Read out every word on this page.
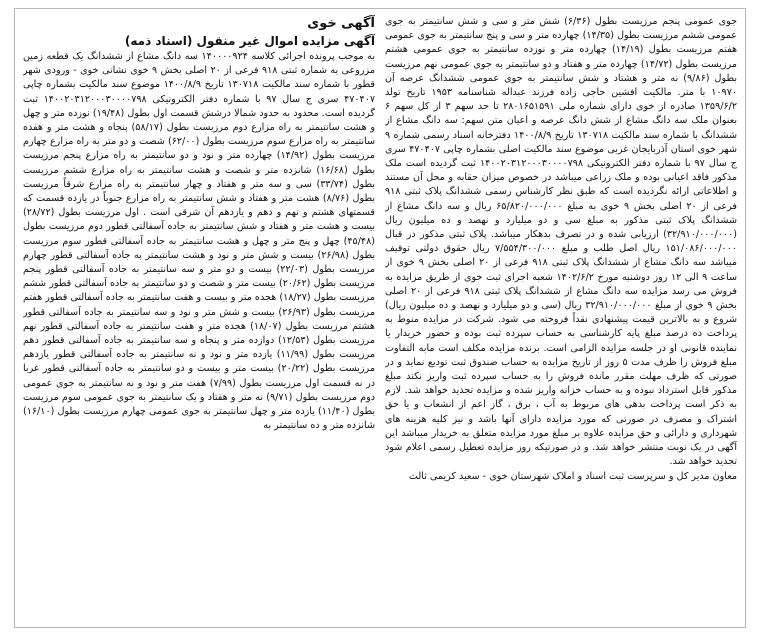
آگهی خوی

آگهی مزایده اموال غیر منقول (اسناد ذمه)

به موجب پرونده اجرائی کلاسه ۱۴۰۰۰۰۹۲۴ سه دانگ مشاع از ششدانگ یک قطعه زمین مزروعی به شماره ثبتی ۹۱۸ فرعی از ۲۰ اصلی بخش ۹ خوی نشانی خوی - ورودی شهر قطور با شماره سند مالکیت ۱۳۰۷۱۸ تاریخ ۱۴۰۰/۸/۹ موضوع سند مالکیت بشماره چاپی ۴۷۰۴۰۷ سری ج سال ۹۷ با شماره دفتر الکترونیکی ۱۴۰۰۲۰۳۱۲۰۰۰۳۰۰۰۰۷۹۸ ثبت گردیده است. محدود به حدود شمالا درشش قسمت اول بطول (۱۹/۴۸) نوزده متر و چهل و هشت سانتیمتر به راه مزارع دوم مرزیست بطول (۵۸/۱۷) پنجاه و هشت متر و هفده سانتیمتر به راه مزارع سوم مرزیست بطول (۶۲/۰۰) شصت و دو متر به راه مزارع چهارم مرزیست بطول (۱۴/۹۲) چهارده متر و نود و دو سانتیمتر به راه مزارع پنجم مرزیست بطول (۱۶/۶۸) شانزده متر و شصت و هشت سانتیمتر به راه مزارع ششم مرزیست بطول (۳۳/۷۴) سی و سه متر و هفتاد و چهار سانتیمتر به راه مزارع شرقاً مرزیست بطول (۸/۷۶) هشت متر و هفتاد و شش سانتیمتر به راه مزارع جنوباً در یازده قسمت که قسمتهای هشتم و نهم و دهم و یازدهم آن شرقی است . اول مرزیست بطول (۲۸/۷۲) بیست و هشت متر و هفتاد و شش سانتیمتر به جاده آسفالتی قطور دوم مرزیست بطول (۴۵/۴۸) چهل و پنج متر و چهل و هشت سانتیمتر به جاده آسفالتی قطور سوم مرزیست بطول (۲۶/۹۸) بیست و شش متر و نود و هشت سانتیمتر به جاده آسفالتی قطور چهارم مرزیست بطول (۲۲/۰۳) بیست و دو متر و سه سانتیمتر به جاده آسفالتی قطور پنجم مرزیست بطول (۲۰/۶۲) بیست متر و شصت و دو سانتیمتر به جاده آسفالتی قطور ششم مرزیست بطول (۱۸/۲۷) هجده متر و بیست و هفت سانتیمتر به جاده آسفالتی قطور هفتم مرزیست بطول (۲۶/۹۳) بیست و شش متر و نود و سه سانتیمتر به جاده آسفالتی قطور هشتم مرزیست بطول (۱۸/۰۷) هجده متر و هفت سانتیمتر به جاده آسفالتی قطور نهم مرزیست بطول (۱۲/۵۳) دوازده متر و پنجاه و سه سانتیمتر به جاده آسفالتی قطور دهم مرزیست بطول (۱۱/۹۹) یازده متر و نود و نه سانتیمتر به جاده آسفالتی قطور یازدهم مرزیست بطول (۲۰/۲۲) بیست متر و بیست و دو سانتیمتر به جاده آسفالتی قطور غربا در نه قسمت اول مرزیست بطول (۷/۹۹) هفت متر و نود و نه سانتیمتر به جوی عمومی دوم مرزیست بطول (۹/۷۱) نه متر و هفتاد و یک سانتیمتر به جوی عمومی سوم مرزیست بطول (۱۱/۴۰) یازده متر و چهل سانتیمتر به جوی عمومی چهارم مرزیست بطول (۱۶/۱۰) شانزده متر و ده سانتیمتر به

جوی عمومی پنجم مرزیست بطول (۶/۳۶) شش متر و سی و شش سانتیمتر به جوی عمومی ششم مرزیست بطول (۱۴/۳۵) چهارده متر و سی و پنج سانتیمتر به جوی عمومی هفتم مرزیست بطول (۱۴/۱۹) چهارده متر و نوزده سانتیمتر به جوی عمومی هشتم مرزیست بطول (۱۴/۷۲) چهارده متر و هفتاد و دو سانتیمتر به جوی عمومی نهم مرزیست بطول (۹/۸۶) نه متر و هشتاد و شش سانتیمتر به جوی عمومی ششدانگ عرصه آن ۱۰۹۷۰ با متر. مالکیت افشین حاجی زاده فرزند عبداله شناسنامه ۱۹۵۳ تاریخ تولد ۱۳۵۹/۶/۲ صادره از خوی دارای شماره ملی ۲۸۰۱۶۵۱۵۹۱ تا حد سهم ۳ از کل سهم ۶ بعنوان ملک سه دانگ مشاع از شش دانگ عرصه و اعیان متن سهم: سه دانگ مشاع از ششدانگ با شماره سند مالکیت ۱۳۰۷۱۸ تاریخ ۱۴۰۰/۸/۹ دفترخانه اسناد رسمی شماره ۹ شهر خوی استان آذربایجان غربی موضوع سند مالکیت اصلی بشماره چاپی ۴۷۰۴۰۷ سری ج سال ۹۷ با شماره دفتر الکترونیکی ۱۴۰۰۲۰۳۱۲۰۰۰۳۰۰۰۰۷۹۸ ثبت گردیده است ملک مذکور فاقد اعیانی بوده و ملک زراعی میباشد در خصوص میزان حقابه و محل آن مستند و اطلاعاتی ارائه نگردیده است که طبق نظر کارشناس رسمی ششدانگ پلاک ثبتی ۹۱۸ فرعی از ۲۰ اصلی بخش ۹ خوی به مبلغ ۶۵/۸۲۰/۰۰۰/۰۰۰ ریال و سه دانگ مشاع از ششدانگ پلاک ثبتی مذکور به مبلغ سی و دو میلیارد و نهصد و ده میلیون ریال (۳۲/۹۱۰/۰۰۰/۰۰۰) ارزیابی شده و در تصرف بدهکار میباشد. پلاک ثبتی مذکور در قبال ۱۵۱/۰۸۶/۰۰۰/۰۰۰ ریال اصل طلب و مبلغ ۷/۵۵۴/۳۰۰/۰۰۰ ریال حقوق دولتی توقیف میباشد سه دانگ مشاع از ششدانگ پلاک ثبتی ۹۱۸ فرعی از ۲۰ اصلی بخش ۹ خوی از ساعت ۹ الی ۱۲ روز دوشنبه مورخ ۱۴۰۲/۶/۲ شعبه اجرای ثبت خوی از طریق مزایده به فروش می رسد مزایده سه دانگ مشاع از ششدانگ پلاک ثبتی ۹۱۸ فرعی از ۲۰ اصلی بخش ۹ خوی از مبلغ ۳۲/۹۱۰/۰۰۰/۰۰۰ ریال (سی و دو میلیارد و نهصد و ده میلیون ریال) شروع و به بالاترین قیمت پیشنهادی نقداً فروخته می شود. شرکت در مزایده منوط به پرداخت ده درصد مبلغ پایه کارشناسی به حساب سپرده ثبت بوده و حضور خریدار یا نماینده قانونی او در جلسه مزایده الزامی است. برنده مزایده مکلف است مابه التفاوت مبلغ فروش را ظرف مدت ۵ روز از تاریخ مزایده به حساب صندوق ثبت تودیع نماید و در صورتی که ظرف مهلت مقرر مانده فروش را به حساب سپرده ثبت واریز نکند مبلغ مذکور قابل استرداد نبوده و به حساب خزانه واریز شده و مزایده تجدید خواهد شد. لازم به ذکر است پرداخت بدهی های مربوط به آب ، برق ، گاز اعم از انشعاب و یا حق اشتراک و مصرف در صورتی که مورد مزایده دارای آنها باشد و نیز کلیه هزینه های شهرداری و دارائی و حق مزایده علاوه بر مبلغ مورد مزایده متعلق به خریدار میباشد این آگهی در یک نوبت منتشر خواهد شد. و در صورتیکه روز مزایده تعطیل رسمی اعلام شود تجدید خواهد شد.

معاون مدیر کل و سرپرست ثبت اسناد و املاک شهرستان خوی - سعید کریمی ثالث
